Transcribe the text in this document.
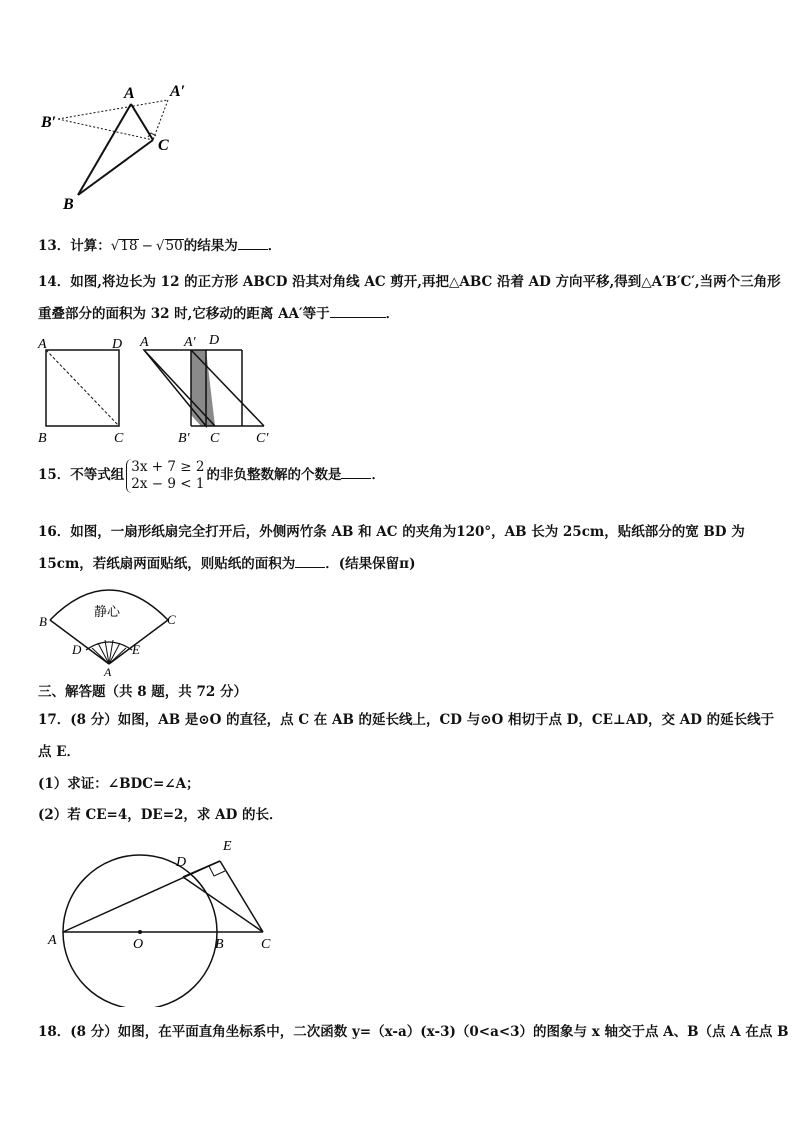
A A′
B′
C
B
13．计算：√18 − √50的结果为 ．
14．如图,将边长为 12 的正方形 ABCD 沿其对角线 AC 剪开,再把△ABC 沿着 AD 方向平移,得到△A′B′C′,当两个三角形
重叠部分的面积为 32 时,它移动的距离 AA′等于	．
A	D
B	C
A	A′ D
B′ C	C′
15．不等式组
3x + 7 ≥ 2
2x − 9 < 1
的非负整数解的个数是 ．
16．如图，一扇形纸扇完全打开后，外侧两竹条 AB 和 AC 的夹角为120°，AB 长为 25cm，贴纸部分的宽 BD 为
15cm，若纸扇两面贴纸，则贴纸的面积为 ．(结果保留π)
静心
B	C
D	E
A
三、解答题（共 8 题，共 72 分）
17．(8 分）如图，AB 是⊙O 的直径，点 C 在 AB 的延长线上，CD 与⊙O 相切于点 D，CE⊥AD，交 AD 的延长线于
点 E．
(1）求证：∠BDC=∠A；
(2）若 CE=4，DE=2，求 AD 的长．
A	O	B	C
D
E
18．(8 分）如图，在平面直角坐标系中，二次函数 y=（x-a）(x-3)（0<a<3）的图象与 x 轴交于点 A、B（点 A 在点 B
